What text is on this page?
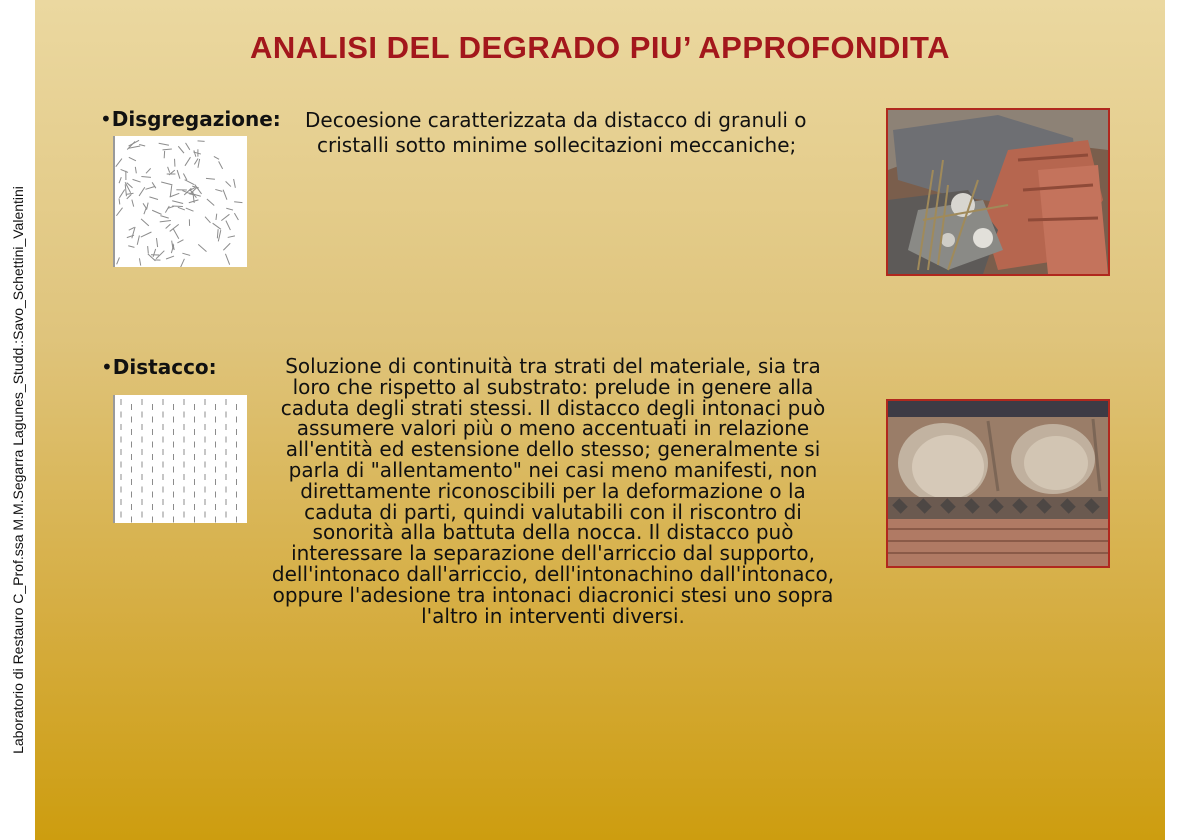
Laboratorio di Restauro C_Prof.ssa M.M.Segarra Lagunes_Studd.:Savo_Schettini_Valentini
ANALISI DEL DEGRADO PIU’ APPROFONDITA
•Disgregazione: Decoesione caratterizzata da distacco di granuli o
cristalli sotto minime sollecitazioni meccaniche;
•Distacco:	Soluzione di continuità tra strati del materiale, sia tra
loro che rispetto al substrato: prelude in genere alla
caduta degli strati stessi. Il distacco degli intonaci può
assumere valori più o meno accentuati in relazione
all'entità ed estensione dello stesso; generalmente si
parla di "allentamento" nei casi meno manifesti, non
direttamente riconoscibili per la deformazione o la
caduta di parti, quindi valutabili con il riscontro di
sonorità alla battuta della nocca. Il distacco può
interessare la separazione dell'arriccio dal supporto,
dell'intonaco dall'arriccio, dell'intonachino dall'intonaco,
oppure l'adesione tra intonaci diacronici stesi uno sopra
l'altro in interventi diversi.
